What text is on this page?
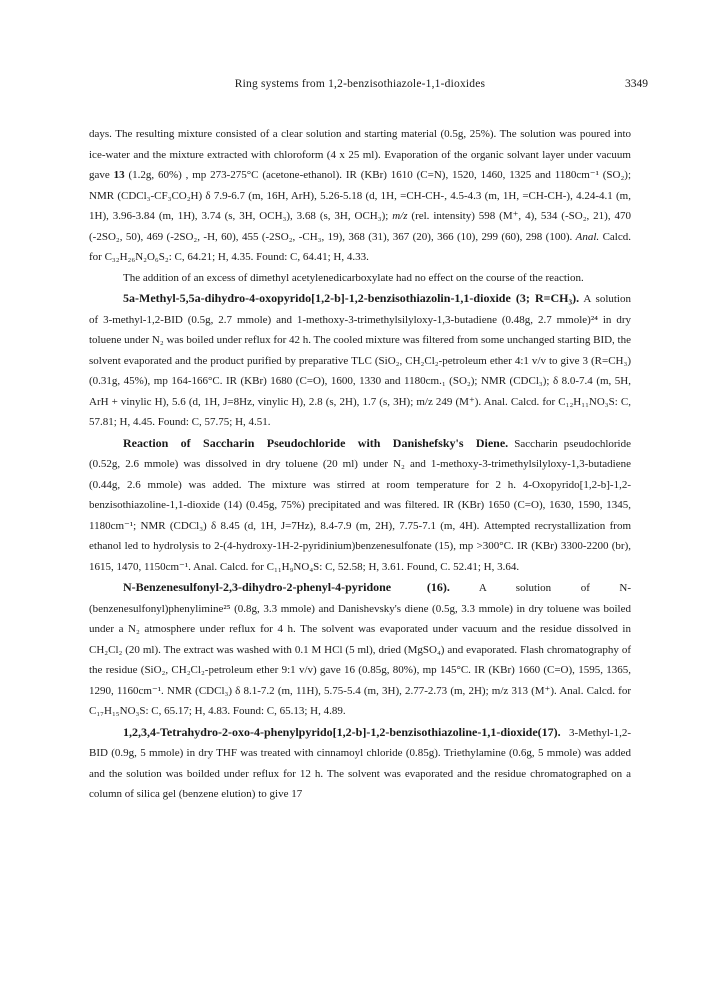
Ring systems from 1,2-benzisothiazole-1,1-dioxides	3349

days. The resulting mixture consisted of a clear solution and starting material (0.5g, 25%). The solution was poured into ice-water and the mixture extracted with chloroform (4 x 25 ml). Evaporation of the organic solvant layer under vacuum gave 13 (1.2g, 60%) , mp 273-275°C (acetone-ethanol). IR (KBr) 1610 (C=N), 1520, 1460, 1325 and 1180cm⁻¹ (SO₂); NMR (CDCl₃-CF₃CO₂H) δ 7.9-6.7 (m, 16H, ArH), 5.26-5.18 (d, 1H, =CH-CH-, 4.5-4.3 (m, 1H, =CH-CH-), 4.24-4.1 (m, 1H), 3.96-3.84 (m, 1H), 3.74 (s, 3H, OCH₃), 3.68 (s, 3H, OCH₃); m/z (rel. intensity) 598 (M⁺, 4), 534 (-SO₂, 21), 470 (-2SO₂, 50), 469 (-2SO₂, -H, 60), 455 (-2SO₂, -CH₃, 19), 368 (31), 367 (20), 366 (10), 299 (60), 298 (100). Anal. Calcd. for C₃₂H₂₆N₂O₆S₂: C, 64.21; H, 4.35. Found: C, 64.41; H, 4.33.

The addition of an excess of dimethyl acetylenedicarboxylate had no effect on the course of the reaction.

5a-Methyl-5,5a-dihydro-4-oxopyrido[1,2-b]-1,2-benzisothiazolin-1,1-dioxide (3; R=CH₃). A solution of 3-methyl-1,2-BID (0.5g, 2.7 mmole) and 1-methoxy-3-trimethylsilyloxy-1,3-butadiene (0.48g, 2.7 mmole)²⁴ in dry toluene under N₂ was boiled under reflux for 42 h. The cooled mixture was filtered from some unchanged starting BID, the solvent evaporated and the product purified by preparative TLC (SiO₂, CH₂Cl₂-petroleum ether 4:1 v/v to give 3 (R=CH₃) (0.31g, 45%), mp 164-166°C. IR (KBr) 1680 (C=O), 1600, 1330 and 1180cm.₁ (SO₂); NMR (CDCl₃); δ 8.0-7.4 (m, 5H, ArH + vinylic H), 5.6 (d, 1H, J=8Hz, vinylic H), 2.8 (s, 2H), 1.7 (s, 3H); m/z 249 (M⁺). Anal. Calcd. for C₁₂H₁₁NO₃S: C, 57.81; H, 4.45. Found: C, 57.75; H, 4.51.

Reaction of Saccharin Pseudochloride with Danishefsky's Diene. Saccharin pseudochloride (0.52g, 2.6 mmole) was dissolved in dry toluene (20 ml) under N₂ and 1-methoxy-3-trimethylsilyloxy-1,3-butadiene (0.44g, 2.6 mmole) was added. The mixture was stirred at room temperature for 2 h. 4-Oxopyrido[1,2-b]-1,2-benzisothiazoline-1,1-dioxide (14) (0.45g, 75%) precipitated and was filtered. IR (KBr) 1650 (C=O), 1630, 1590, 1345, 1180cm⁻¹; NMR (CDCl₃) δ 8.45 (d, 1H, J=7Hz), 8.4-7.9 (m, 2H), 7.75-7.1 (m, 4H). Attempted recrystallization from ethanol led to hydrolysis to 2-(4-hydroxy-1H-2-pyridinium)benzenesulfonate (15), mp >300°C. IR (KBr) 3300-2200 (br), 1615, 1470, 1150cm⁻¹. Anal. Calcd. for C₁₁H₉NO₄S: C, 52.58; H, 3.61. Found, C. 52.41; H, 3.64.

N-Benzenesulfonyl-2,3-dihydro-2-phenyl-4-pyridone (16). A solution of N-(benzenesulfonyl)phenylimine²⁵ (0.8g, 3.3 mmole) and Danishevsky's diene (0.5g, 3.3 mmole) in dry toluene was boiled under a N₂ atmosphere under reflux for 4 h. The solvent was evaporated under vacuum and the residue dissolved in CH₂Cl₂ (20 ml). The extract was washed with 0.1 M HCl (5 ml), dried (MgSO₄) and evaporated. Flash chromatography of the residue (SiO₂, CH₂Cl₂-petroleum ether 9:1 v/v) gave 16 (0.85g, 80%), mp 145°C. IR (KBr) 1660 (C=O), 1595, 1365, 1290, 1160cm⁻¹. NMR (CDCl₃) δ 8.1-7.2 (m, 11H), 5.75-5.4 (m, 3H), 2.77-2.73 (m, 2H); m/z 313 (M⁺). Anal. Calcd. for C₁₇H₁₅NO₃S: C, 65.17; H, 4.83. Found: C, 65.13; H, 4.89.

1,2,3,4-Tetrahydro-2-oxo-4-phenylpyrido[1,2-b]-1,2-benzisothiazoline-1,1-dioxide(17). 3-Methyl-1,2-BID (0.9g, 5 mmole) in dry THF was treated with cinnamoyl chloride (0.85g). Triethylamine (0.6g, 5 mmole) was added and the solution was boilded under reflux for 12 h. The solvent was evaporated and the residue chromatographed on a column of silica gel (benzene elution) to give 17
